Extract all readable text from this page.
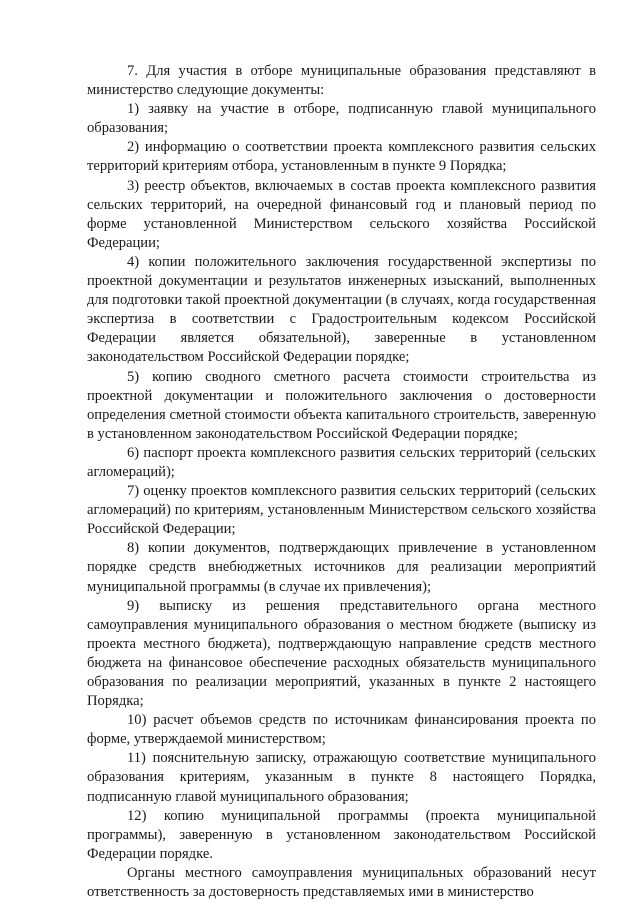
7. Для участия в отборе муниципальные образования представляют в министерство следующие документы:

1) заявку на участие в отборе, подписанную главой муниципального образования;

2) информацию о соответствии проекта комплексного развития сельских территорий критериям отбора, установленным в пункте 9 Порядка;

3) реестр объектов, включаемых в состав проекта комплексного развития сельских территорий, на очередной финансовый год и плановый период по форме установленной Министерством сельского хозяйства Российской Федерации;

4) копии положительного заключения государственной экспертизы по проектной документации и результатов инженерных изысканий, выполненных для подготовки такой проектной документации (в случаях, когда государственная экспертиза в соответствии с Градостроительным кодексом Российской Федерации является обязательной), заверенные в установленном законодательством Российской Федерации порядке;

5) копию сводного сметного расчета стоимости строительства из проектной документации и положительного заключения о достоверности определения сметной стоимости объекта капитального строительств, заверенную в установленном законодательством Российской Федерации порядке;

6) паспорт проекта комплексного развития сельских территорий (сельских агломераций);

7) оценку проектов комплексного развития сельских территорий (сельских агломераций) по критериям, установленным Министерством сельского хозяйства Российской Федерации;

8) копии документов, подтверждающих привлечение в установленном порядке средств внебюджетных источников для реализации мероприятий муниципальной программы (в случае их привлечения);

9) выписку из решения представительного органа местного самоуправления муниципального образования о местном бюджете (выписку из проекта местного бюджета), подтверждающую направление средств местного бюджета на финансовое обеспечение расходных обязательств муниципального образования по реализации мероприятий, указанных в пункте 2 настоящего Порядка;

10) расчет объемов средств по источникам финансирования проекта по форме, утверждаемой министерством;

11) пояснительную записку, отражающую соответствие муниципального образования критериям, указанным в пункте 8 настоящего Порядка, подписанную главой муниципального образования;

12) копию муниципальной программы (проекта муниципальной программы), заверенную в установленном законодательством Российской Федерации порядке.

Органы местного самоуправления муниципальных образований несут ответственность за достоверность представляемых ими в министерство
